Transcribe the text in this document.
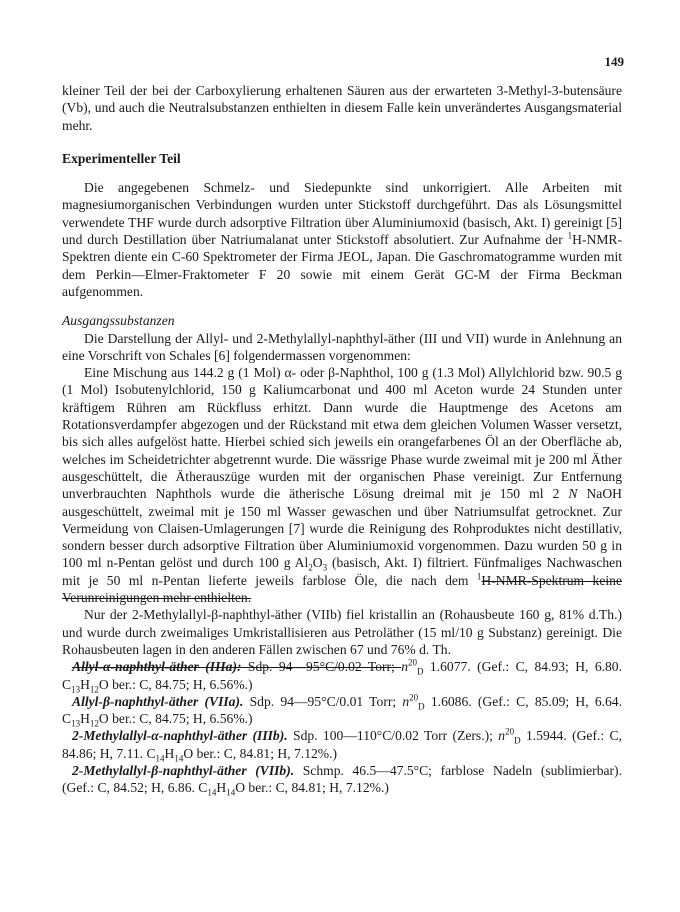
149

kleiner Teil der bei der Carboxylierung erhaltenen Säuren aus der erwarteten 3-Methyl-3-butensäure (Vb), und auch die Neutralsubstanzen enthielten in diesem Falle kein unverändertes Ausgangsmaterial mehr.

Experimenteller Teil

Die angegebenen Schmelz- und Siedepunkte sind unkorrigiert. Alle Arbeiten mit magnesiumorganischen Verbindungen wurden unter Stickstoff durchgeführt. Das als Lösungsmittel verwendete THF wurde durch adsorptive Filtration über Aluminiumoxid (basisch, Akt. I) gereinigt [5] und durch Destillation über Natriumalanat unter Stickstoff absolutiert. Zur Aufnahme der $^1$H-NMR-Spektren diente ein C-60 Spektrometer der Firma JEOL, Japan. Die Gaschromatogramme wurden mit dem Perkin—Elmer-Fraktometer F 20 sowie mit einem Gerät GC-M der Firma Beckman aufgenommen.

Ausgangssubstanzen

Die Darstellung der Allyl- und 2-Methylallyl-naphthyl-äther (III und VII) wurde in Anlehnung an eine Vorschrift von Schales [6] folgendermassen vorgenommen:

Eine Mischung aus 144.2 g (1 Mol) α- oder β-Naphthol, 100 g (1.3 Mol) Allylchlorid bzw. 90.5 g (1 Mol) Isobutenylchlorid, 150 g Kaliumcarbonat und 400 ml Aceton wurde 24 Stunden unter kräftigem Rühren am Rückfluss erhitzt. Dann wurde die Hauptmenge des Acetons am Rotationsverdampfer abgezogen und der Rückstand mit etwa dem gleichen Volumen Wasser versetzt, bis sich alles aufgelöst hatte. Hierbei schied sich jeweils ein orangefarbenes Öl an der Oberfläche ab, welches im Scheidetrichter abgetrennt wurde. Die wässrige Phase wurde zweimal mit je 200 ml Äther ausgeschüttelt, die Ätherauszüge wurden mit der organischen Phase vereinigt. Zur Entfernung unverbrauchten Naphthols wurde die ätherische Lösung dreimal mit je 150 ml 2 N NaOH ausgeschüttelt, zweimal mit je 150 ml Wasser gewaschen und über Natriumsulfat getrocknet. Zur Vermeidung von Claisen-Umlagerungen [7] wurde die Reinigung des Rohproduktes nicht destillativ, sondern besser durch adsorptive Filtration über Aluminiumoxid vorgenommen. Dazu wurden 50 g in 100 ml n-Pentan gelöst und durch 100 g $Al_2O_3$ (basisch, Akt. I) filtriert. Fünfmaliges Nachwaschen mit je 50 ml n-Pentan lieferte jeweils farblose Öle, die nach dem $^1$H-NMR-Spektrum keine Verunreinigungen mehr enthielten.

Nur der 2-Methylallyl-β-naphthyl-äther (VIIb) fiel kristallin an (Rohausbeute 160 g, 81% d.Th.) und wurde durch zweimaliges Umkristallisieren aus Petroläther (15 ml/10 g Substanz) gereinigt. Die Rohausbeuten lagen in den anderen Fällen zwischen 67 und 76% d. Th.

Allyl-α-naphthyl-äther (IIIa): Sdp. 94—95°C/0.02 Torr; $n^{20}_D$ 1.6077. (Gef.: C, 84.93; H, 6.80. $C_{13}H_{12}O$ ber.: C, 84.75; H, 6.56%.)

Allyl-β-naphthyl-äther (VIIa). Sdp. 94—95°C/0.01 Torr; $n^{20}_D$ 1.6086. (Gef.: C, 85.09; H, 6.64. $C_{13}H_{12}O$ ber.: C, 84.75; H, 6.56%.)

2-Methylallyl-α-naphthyl-äther (IIIb). Sdp. 100—110°C/0.02 Torr (Zers.); $n^{20}_D$ 1.5944. (Gef.: C, 84.86; H, 7.11. $C_{14}H_{14}O$ ber.: C, 84.81; H, 7.12%.)

2-Methylallyl-β-naphthyl-äther (VIIb). Schmp. 46.5—47.5°C; farblose Nadeln (sublimierbar). (Gef.: C, 84.52; H, 6.86. $C_{14}H_{14}O$ ber.: C, 84.81; H, 7.12%.)
